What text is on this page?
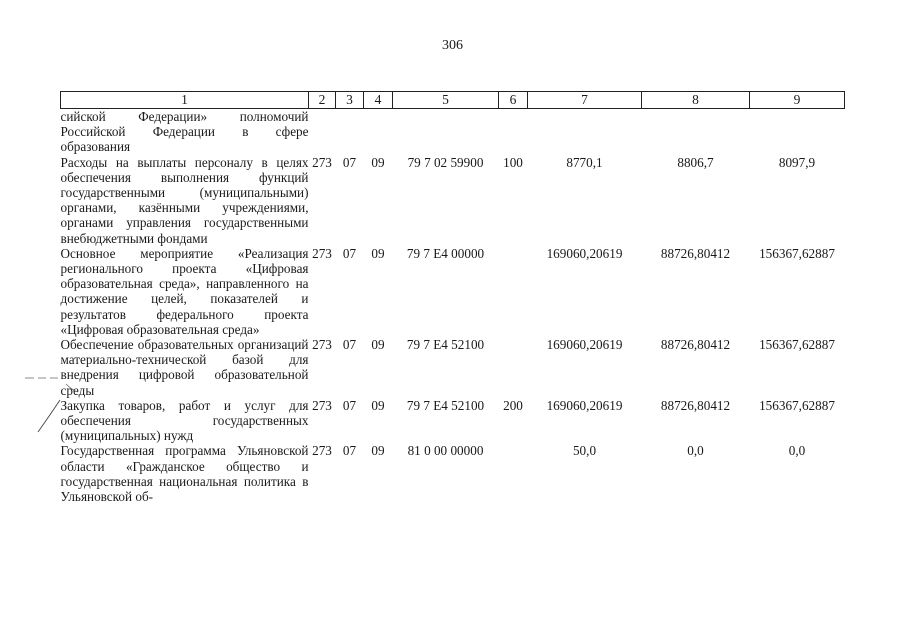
306
1	2	3	4	5	6	7	8	9
сийской Федерации» полномочий Российской Федерации в сфере образования								
Расходы на выплаты персоналу в целях обеспечения выполнения функций государственными (муниципальными) органами, казёнными учреждениями, органами управления государственными внебюджетными фондами	273	07	09	79 7 02 59900	100	8770,1	8806,7	8097,9
Основное мероприятие «Реализация регионального проекта «Цифровая образовательная среда», направленного на достижение целей, показателей и результатов федерального проекта «Цифровая образовательная среда»	273	07	09	79 7 E4 00000		169060,20619	88726,80412	156367,62887
Обеспечение образовательных организаций материально-технической базой для внедрения цифровой образовательной среды	273	07	09	79 7 E4 52100		169060,20619	88726,80412	156367,62887
Закупка товаров, работ и услуг для обеспечения государственных (муниципальных) нужд	273	07	09	79 7 E4 52100	200	169060,20619	88726,80412	156367,62887
Государственная программа Ульяновской области «Гражданское общество и государственная национальная политика в Ульяновской об-	273	07	09	81 0 00 00000		50,0	0,0	0,0
